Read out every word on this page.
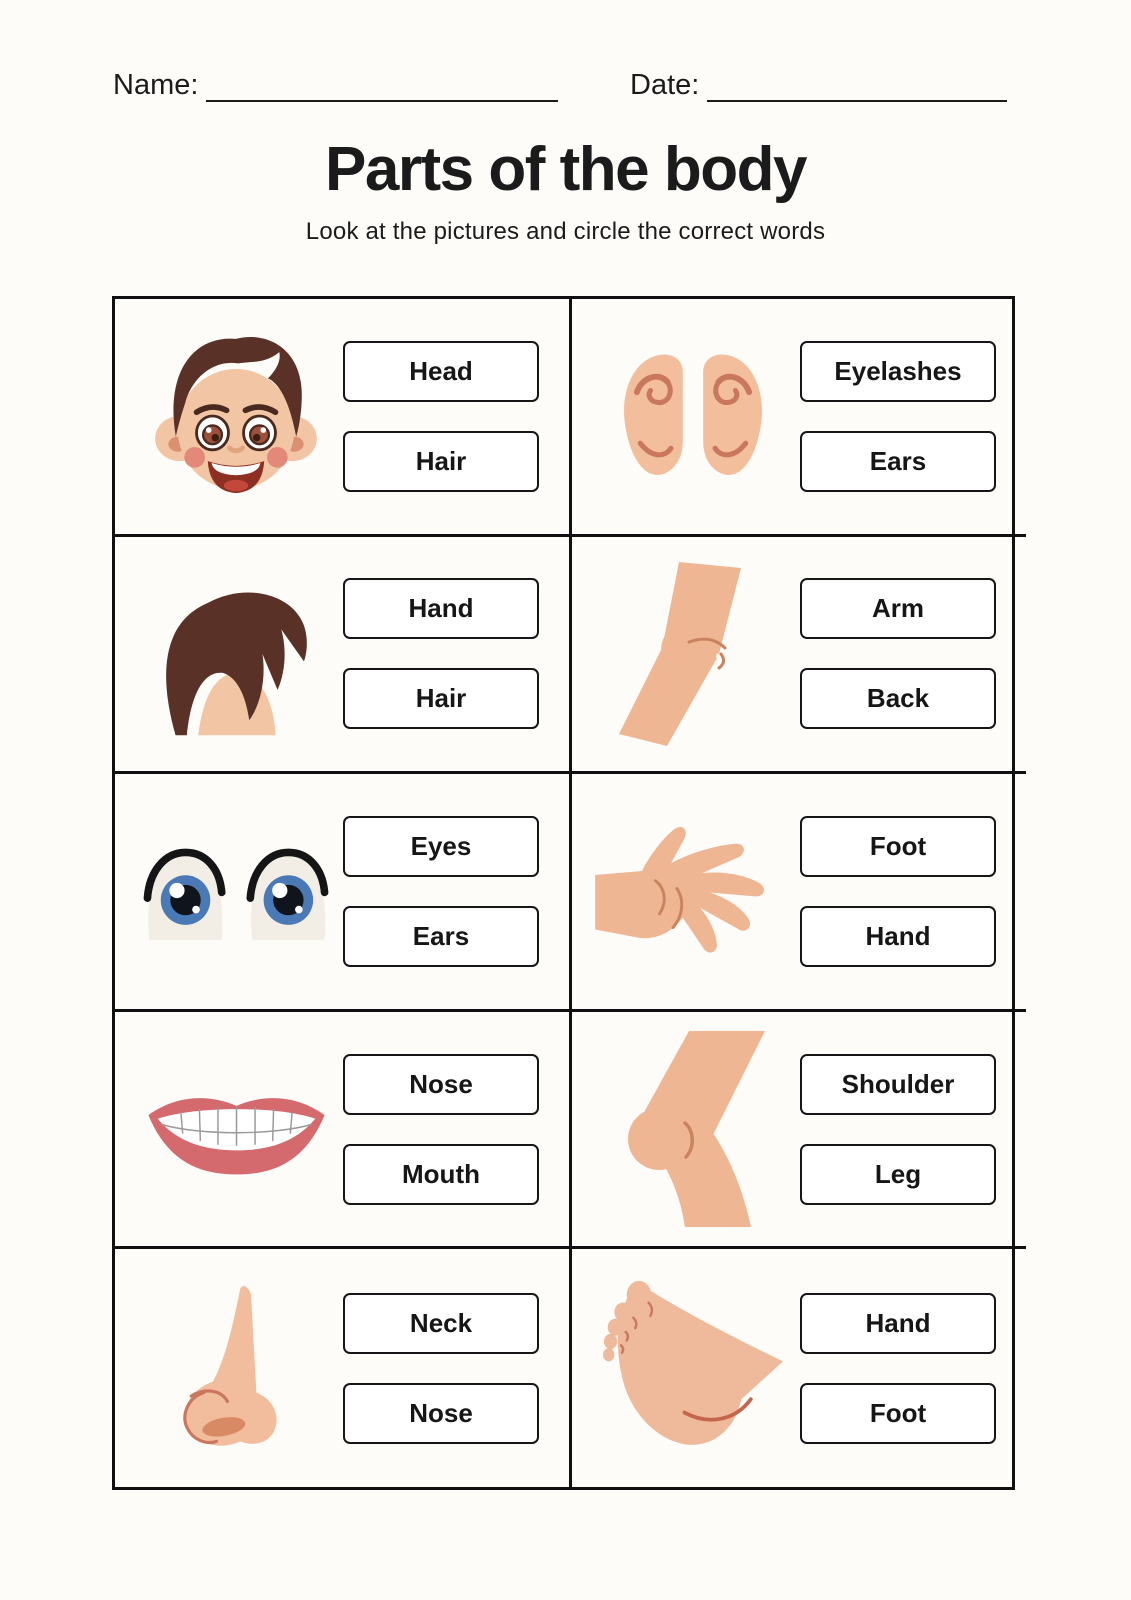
Name:	Date:
Parts of the body
Look at the pictures and circle the correct words
Head
Hair
Eyelashes
Ears
Hand
Hair
Arm
Back
Eyes
Ears
Foot
Hand
Nose
Mouth
Shoulder
Leg
Neck
Nose
Hand
Foot
